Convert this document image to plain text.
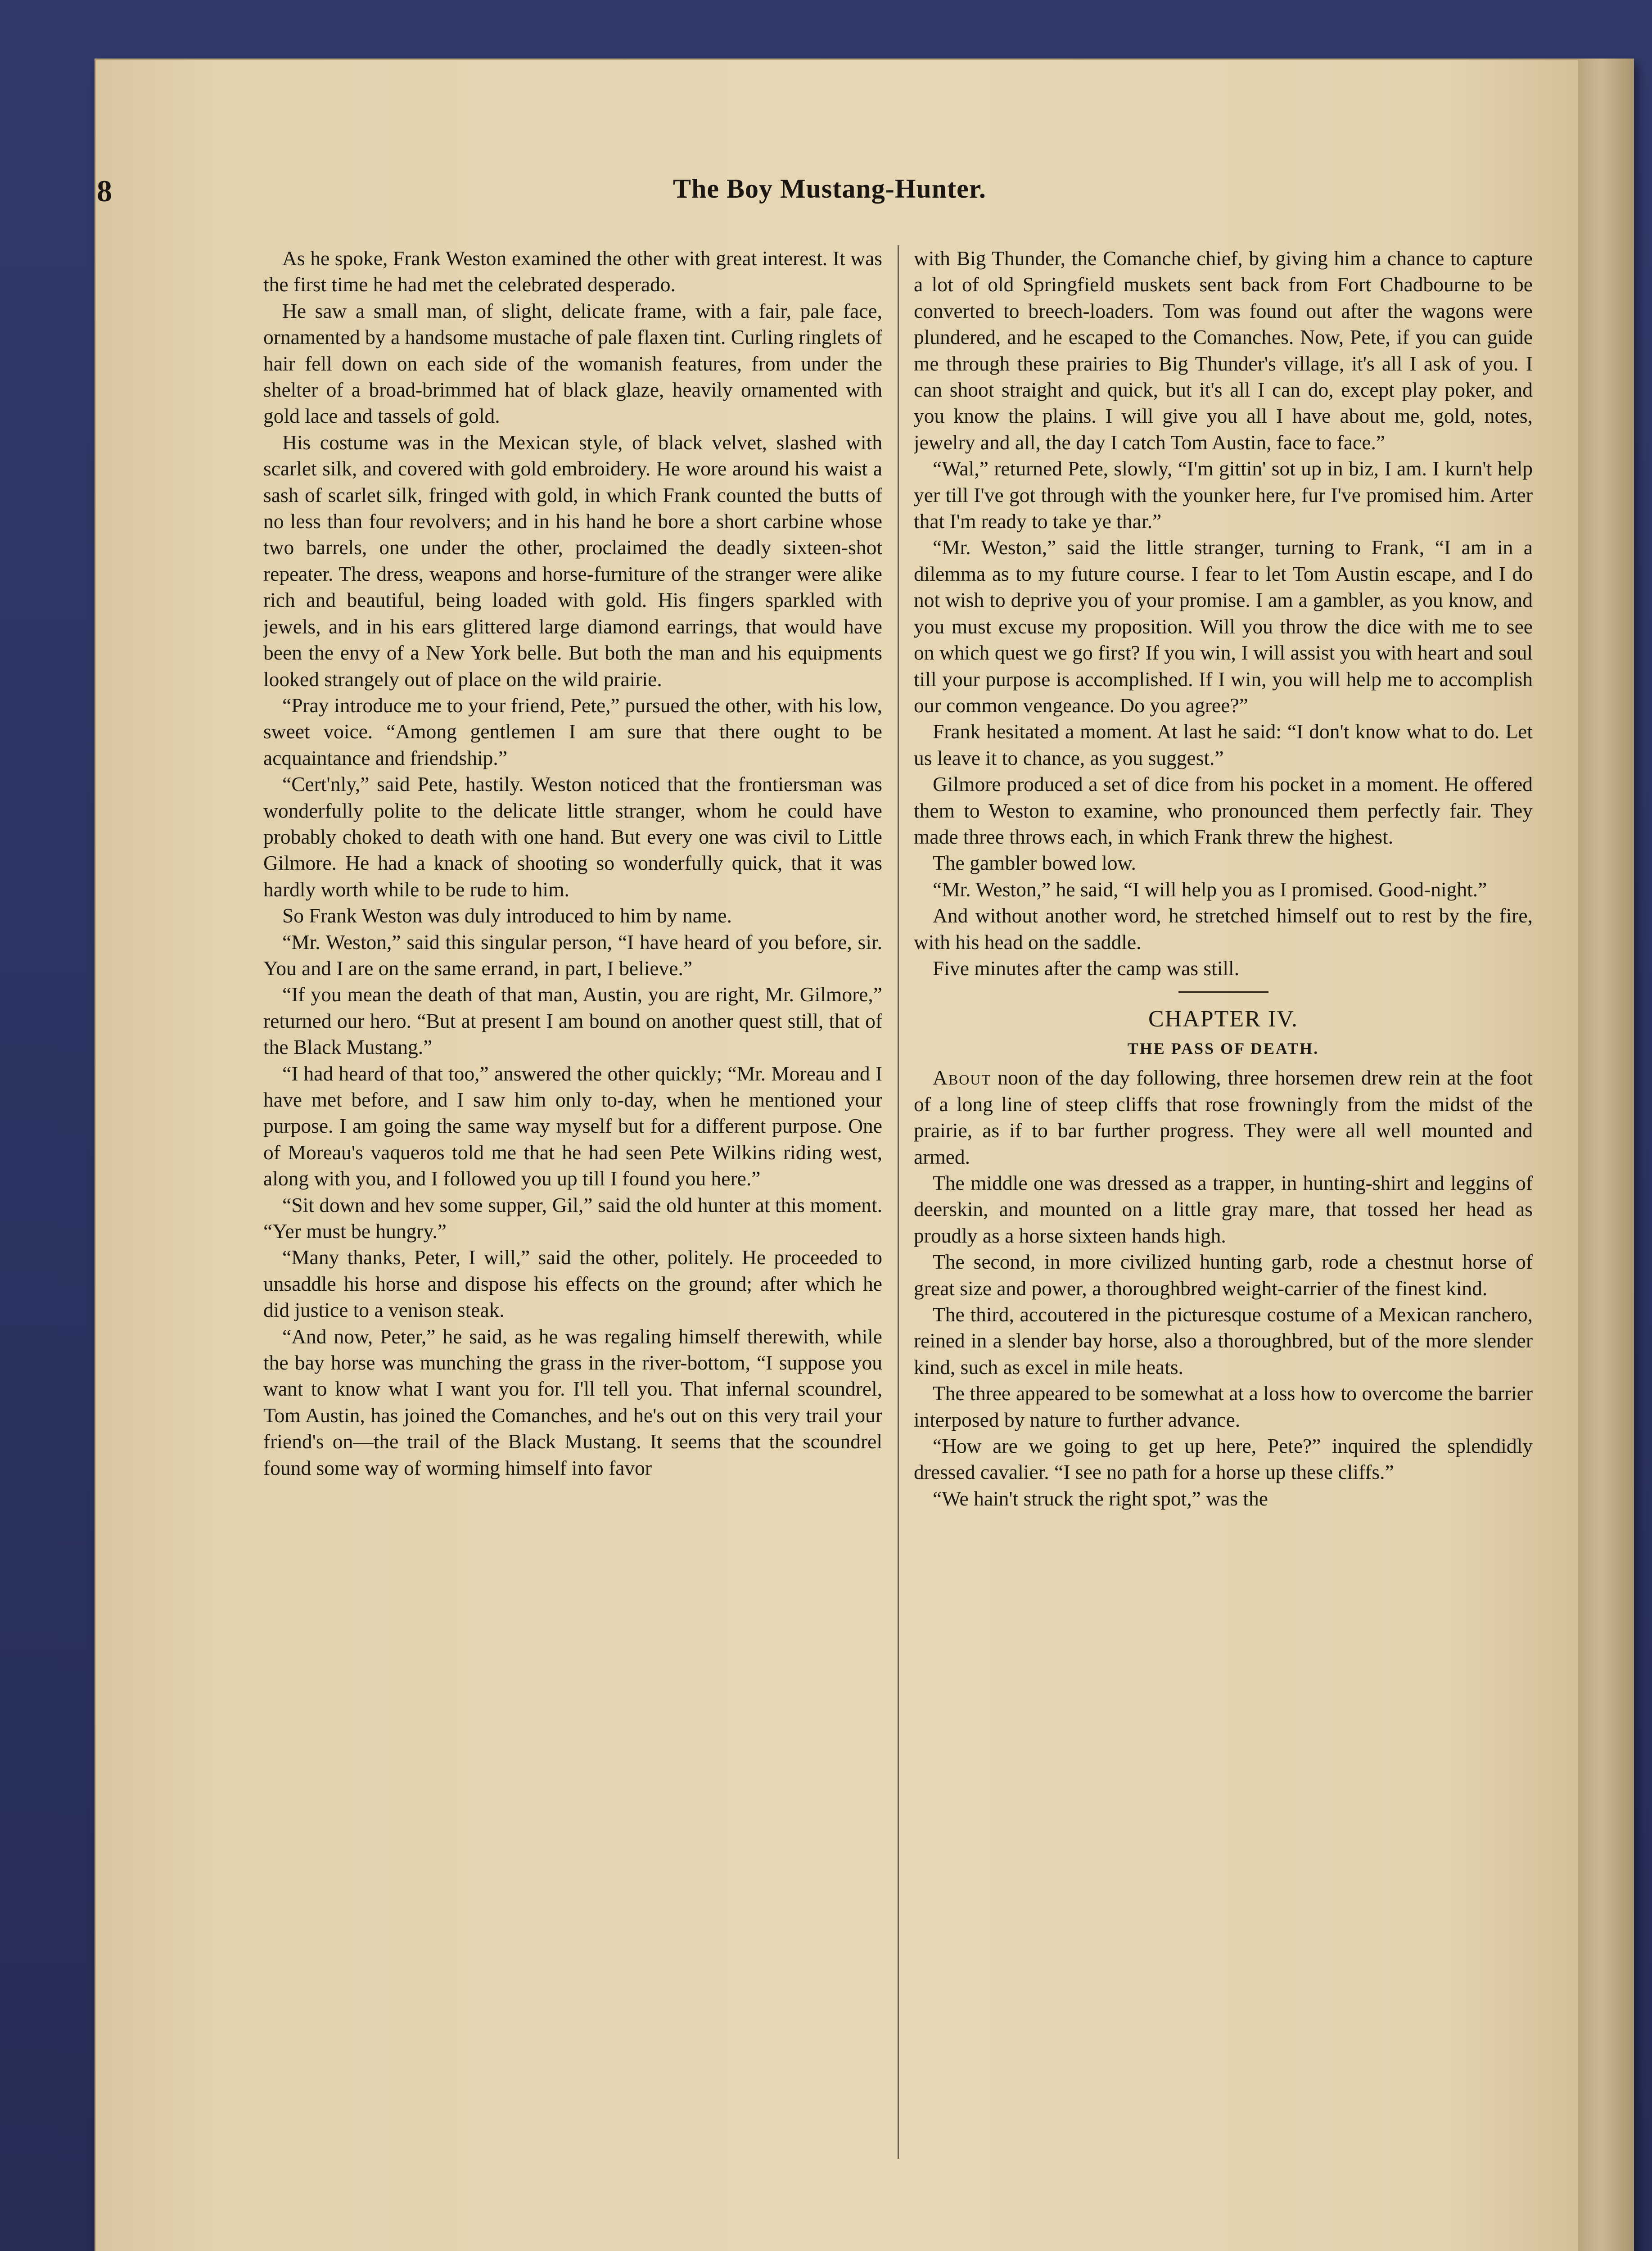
8	The Boy Mustang-Hunter.

As he spoke, Frank Weston examined the other with great interest. It was the first time he had met the celebrated desperado.

He saw a small man, of slight, delicate frame, with a fair, pale face, ornamented by a handsome mustache of pale flaxen tint. Curling ringlets of hair fell down on each side of the womanish features, from under the shelter of a broad-brimmed hat of black glaze, heavily ornamented with gold lace and tassels of gold.

His costume was in the Mexican style, of black velvet, slashed with scarlet silk, and covered with gold embroidery. He wore around his waist a sash of scarlet silk, fringed with gold, in which Frank counted the butts of no less than four revolvers; and in his hand he bore a short carbine whose two barrels, one under the other, proclaimed the deadly sixteen-shot repeater. The dress, weapons and horse-furniture of the stranger were alike rich and beautiful, being loaded with gold. His fingers sparkled with jewels, and in his ears glittered large diamond earrings, that would have been the envy of a New York belle. But both the man and his equipments looked strangely out of place on the wild prairie.

“Pray introduce me to your friend, Pete,” pursued the other, with his low, sweet voice. “Among gentlemen I am sure that there ought to be acquaintance and friendship.”

“Cert'nly,” said Pete, hastily. Weston noticed that the frontiersman was wonderfully polite to the delicate little stranger, whom he could have probably choked to death with one hand. But every one was civil to Little Gilmore. He had a knack of shooting so wonderfully quick, that it was hardly worth while to be rude to him.

So Frank Weston was duly introduced to him by name.

“Mr. Weston,” said this singular person, “I have heard of you before, sir. You and I are on the same errand, in part, I believe.”

“If you mean the death of that man, Austin, you are right, Mr. Gilmore,” returned our hero. “But at present I am bound on another quest still, that of the Black Mustang.”

“I had heard of that too,” answered the other quickly; “Mr. Moreau and I have met before, and I saw him only to-day, when he mentioned your purpose. I am going the same way myself but for a different purpose. One of Moreau's vaqueros told me that he had seen Pete Wilkins riding west, along with you, and I followed you up till I found you here.”

“Sit down and hev some supper, Gil,” said the old hunter at this moment. “Yer must be hungry.”

“Many thanks, Peter, I will,” said the other, politely. He proceeded to unsaddle his horse and dispose his effects on the ground; after which he did justice to a venison steak.

“And now, Peter,” he said, as he was regaling himself therewith, while the bay horse was munching the grass in the river-bottom, “I suppose you want to know what I want you for. I'll tell you. That infernal scoundrel, Tom Austin, has joined the Comanches, and he's out on this very trail your friend's on—the trail of the Black Mustang. It seems that the scoundrel found some way of worming himself into favor

with Big Thunder, the Comanche chief, by giving him a chance to capture a lot of old Springfield muskets sent back from Fort Chadbourne to be converted to breech-loaders. Tom was found out after the wagons were plundered, and he escaped to the Comanches. Now, Pete, if you can guide me through these prairies to Big Thunder's village, it's all I ask of you. I can shoot straight and quick, but it's all I can do, except play poker, and you know the plains. I will give you all I have about me, gold, notes, jewelry and all, the day I catch Tom Austin, face to face.”

“Wal,” returned Pete, slowly, “I'm gittin' sot up in biz, I am. I kurn't help yer till I've got through with the younker here, fur I've promised him. Arter that I'm ready to take ye thar.”

“Mr. Weston,” said the little stranger, turning to Frank, “I am in a dilemma as to my future course. I fear to let Tom Austin escape, and I do not wish to deprive you of your promise. I am a gambler, as you know, and you must excuse my proposition. Will you throw the dice with me to see on which quest we go first? If you win, I will assist you with heart and soul till your purpose is accomplished. If I win, you will help me to accomplish our common vengeance. Do you agree?”

Frank hesitated a moment. At last he said: “I don't know what to do. Let us leave it to chance, as you suggest.”

Gilmore produced a set of dice from his pocket in a moment. He offered them to Weston to examine, who pronounced them perfectly fair. They made three throws each, in which Frank threw the highest.

The gambler bowed low.

“Mr. Weston,” he said, “I will help you as I promised. Good-night.”

And without another word, he stretched himself out to rest by the fire, with his head on the saddle.

Five minutes after the camp was still.

CHAPTER IV.

THE PASS OF DEATH.

About noon of the day following, three horsemen drew rein at the foot of a long line of steep cliffs that rose frowningly from the midst of the prairie, as if to bar further progress. They were all well mounted and armed.

The middle one was dressed as a trapper, in hunting-shirt and leggins of deerskin, and mounted on a little gray mare, that tossed her head as proudly as a horse sixteen hands high.

The second, in more civilized hunting garb, rode a chestnut horse of great size and power, a thoroughbred weight-carrier of the finest kind.

The third, accoutered in the picturesque costume of a Mexican ranchero, reined in a slender bay horse, also a thoroughbred, but of the more slender kind, such as excel in mile heats.

The three appeared to be somewhat at a loss how to overcome the barrier interposed by nature to further advance.

“How are we going to get up here, Pete?” inquired the splendidly dressed cavalier. “I see no path for a horse up these cliffs.”

“We hain't struck the right spot,” was the
